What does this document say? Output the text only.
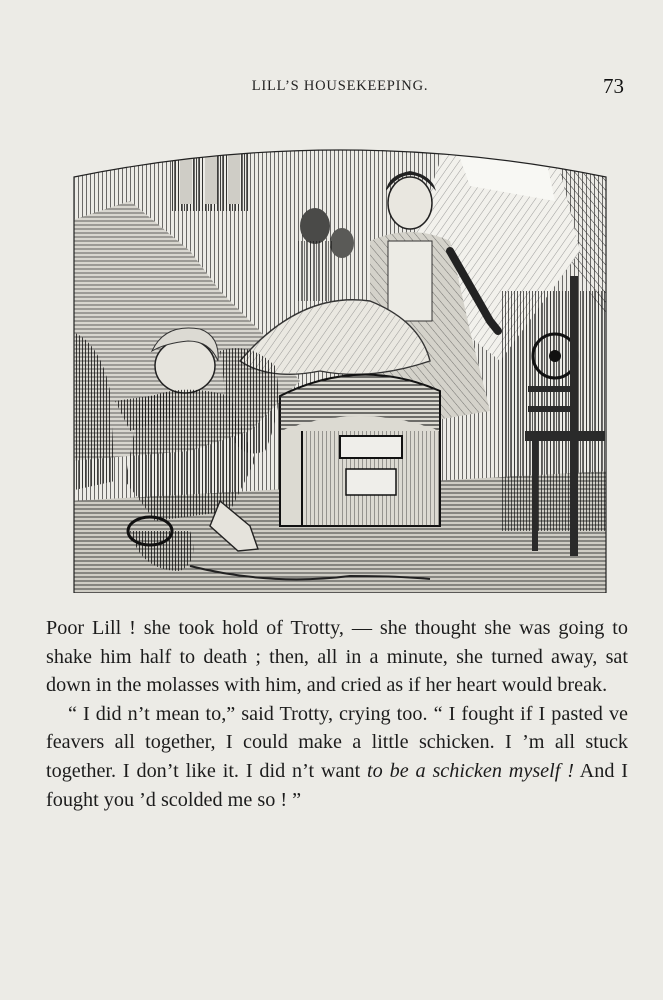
LILL’S HOUSEKEEPING.	73

Poor Lill ! she took hold of Trotty, — she thought she was going to shake him half to death ; then, all in a minute, she turned away, sat down in the molasses with him, and cried as if her heart would break.

“ I did n’t mean to,” said Trotty, crying too. “ I fought if I pasted ve feavers all together, I could make a little schicken. I ’m all stuck together. I don’t like it. I did n’t want to be a schicken myself ! And I fought you ’d scolded me so ! ”
